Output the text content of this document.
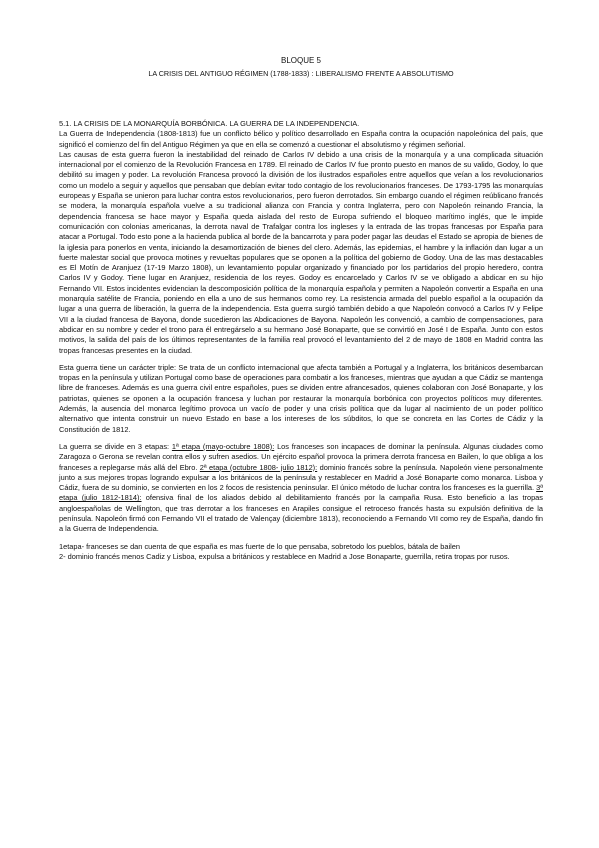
BLOQUE 5
LA CRISIS DEL ANTIGUO RÉGIMEN (1788-1833) : LIBERALISMO FRENTE A ABSOLUTISMO

5.1. LA CRISIS DE LA MONARQUÍA BORBÓNICA. LA GUERRA DE LA INDEPENDENCIA.

La Guerra de Independencia (1808-1813) fue un conflicto bélico y político desarrollado en España contra la ocupación napoleónica del país, que significó el comienzo del fin del Antiguo Régimen ya que en ella se comenzó a cuestionar el absolutismo y régimen señorial.

Las causas de esta guerra fueron la inestabilidad del reinado de Carlos IV debido a una crisis de la monarquía y a una complicada situación internacional por el comienzo de la Revolución Francesa en 1789. El reinado de Carlos IV fue pronto puesto en manos de su valido, Godoy, lo que debilitó su imagen y poder. La revolución Francesa provocó la división de los ilustrados españoles entre aquellos que veían a los revolucionarios como un modelo a seguir y aquellos que pensaban que debían evitar todo contagio de los revolucionarios franceses. De 1793-1795 las monarquías europeas y España se unieron para luchar contra estos revolucionarios, pero fueron derrotados. Sin embargo cuando el régimen reúblicano francés se modera, la monarquía española vuelve a su tradicional alianza con Francia y contra Inglaterra, pero con Napoleón reinando Francia, la dependencia francesa se hace mayor y España queda aislada del resto de Europa sufriendo el bloqueo marítimo inglés, que le impide comunicación con colonias americanas, la derrota naval de Trafalgar contra los ingleses y la entrada de las tropas francesas por España para atacar a Portugal. Todo esto pone a la hacienda publica al borde de la bancarrota y para poder pagar las deudas el Estado se apropia de bienes de la iglesia para ponerlos en venta, iniciando la desamortización de bienes del clero. Además, las epidemias, el hambre y la inflación dan lugar a un fuerte malestar social que provoca motines y revueltas populares que se oponen a la política del gobierno de Godoy. Una de las mas destacables es El Motín de Aranjuez (17-19 Marzo 1808), un levantamiento popular organizado y financiado por los partidarios del propio heredero, contra Carlos IV y Godoy. Tiene lugar en Aranjuez, residencia de los reyes. Godoy es encarcelado y Carlos IV se ve obligado a abdicar en su hijo Fernando VII. Estos incidentes evidencian la descomposición política de la monarquía española y permiten a Napoleón convertir a España en una monarquía satélite de Francia, poniendo en ella a uno de sus hermanos como rey. La resistencia armada del pueblo español a la ocupación da lugar a una guerra de liberación, la guerra de la independencia. Esta guerra surgió también debido a que Napoleón convocó a Carlos IV y Felipe VII a la ciudad francesa de Bayona, donde sucedieron las Abdicaciones de Bayona. Napoleón les convenció, a cambio de compensaciones, para abdicar en su nombre y ceder el trono para él entregárselo a su hermano José Bonaparte, que se convirtió en José I de España. Junto con estos motivos, la salida del país de los últimos representantes de la familia real provocó el levantamiento del 2 de mayo de 1808 en Madrid contra las tropas francesas presentes en la ciudad.

Esta guerra tiene un carácter triple: Se trata de un conflicto internacional que afecta también a Portugal y a Inglaterra, los británicos desembarcan tropas en la península y utilizan Portugal como base de operaciones para combatir a los franceses, mientras que ayudan a que Cádiz se mantenga libre de franceses. Además es una guerra civil entre españoles, pues se dividen entre afrancesados, quienes colaboran con José Bonaparte, y los patriotas, quienes se oponen a la ocupación francesa y luchan por restaurar la monarquía borbónica con proyectos políticos muy diferentes. Además, la ausencia del monarca legítimo provoca un vacío de poder y una crisis política que da lugar al nacimiento de un poder político alternativo que intenta construir un nuevo Estado en base a los intereses de los súbditos, lo que se concreta en las Cortes de Cádiz y la Constitución de 1812.

La guerra se divide en 3 etapas: 1ª etapa (mayo-octubre 1808): Los franceses son incapaces de dominar la península. Algunas ciudades como Zaragoza o Gerona se revelan contra ellos y sufren asedios. Un ejército español provoca la primera derrota francesa en Bailen, lo que obliga a los franceses a replegarse más allá del Ebro. 2ª etapa (octubre 1808- julio 1812): dominio francés sobre la península. Napoleón viene personalmente junto a sus mejores tropas logrando expulsar a los británicos de la península y restablecer en Madrid a José Bonaparte como monarca. Lisboa y Cádiz, fuera de su dominio, se convierten en los 2 focos de resistencia peninsular. El único método de luchar contra los franceses es la guerrilla. 3ª etapa (julio 1812-1814): ofensiva final de los aliados debido al debilitamiento francés por la campaña Rusa. Esto beneficio a las tropas angloespañolas de Wellington, que tras derrotar a los franceses en Arapiles consigue el retroceso francés hasta su expulsión definitiva de la península. Napoleón firmó con Fernando VII el tratado de Valençay (diciembre 1813), reconociendo a Fernando VII como rey de España, dando fin a la Guerra de Independencia.

1etapa- franceses se dan cuenta de que españa es mas fuerte de lo que pensaba, sobretodo los pueblos, bátala de bailen

2- dominio francés menos Cadiz y Lisboa, expulsa a británicos y restablece en Madrid a Jose Bonaparte, guerrilla, retira tropas por rusos.
